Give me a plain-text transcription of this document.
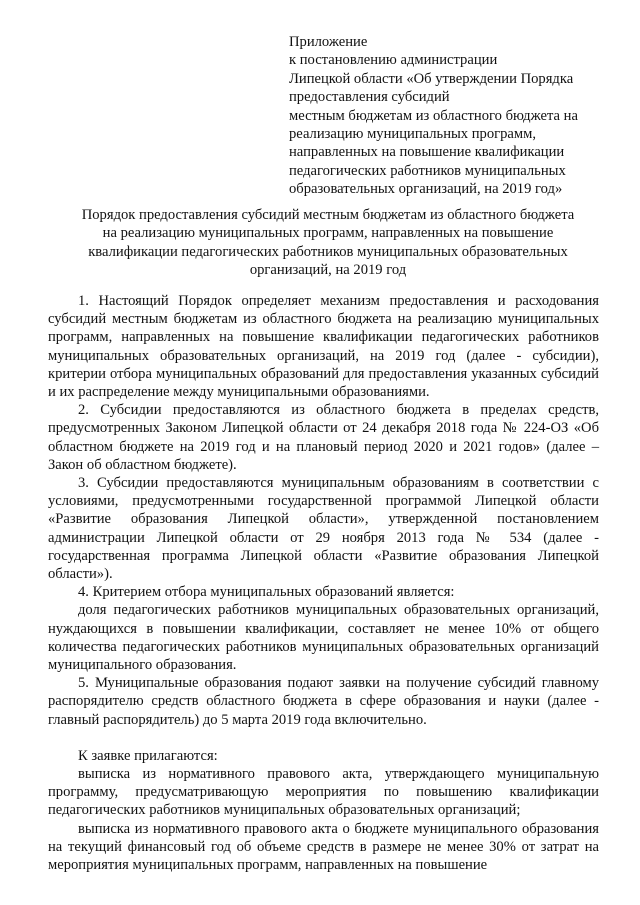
Приложение
к постановлению администрации
Липецкой области «Об утверждении Порядка
предоставления субсидий
местным бюджетам из областного бюджета на
реализацию муниципальных программ,
направленных на повышение квалификации
педагогических работников муниципальных
образовательных организаций, на 2019 год»
Порядок предоставления субсидий местным бюджетам из областного бюджета
на реализацию муниципальных программ, направленных на повышение
квалификации педагогических работников муниципальных образовательных
организаций, на 2019 год

1. Настоящий Порядок определяет механизм предоставления и расходования субсидий местным бюджетам из областного бюджета на реализацию муниципальных программ, направленных на повышение квалификации педагогических работников муниципальных образовательных организаций, на 2019 год (далее - субсидии), критерии отбора муниципальных образований для предоставления указанных субсидий и их распределение между муниципальными образованиями.

2. Субсидии предоставляются из областного бюджета в пределах средств, предусмотренных Законом Липецкой области от 24 декабря 2018 года № 224-ОЗ «Об областном бюджете на 2019 год и на плановый период 2020 и 2021 годов» (далее – Закон об областном бюджете).

3. Субсидии предоставляются муниципальным образованиям в соответствии с условиями, предусмотренными государственной программой Липецкой области «Развитие образования Липецкой области», утвержденной постановлением администрации Липецкой области от 29 ноября 2013 года № 534 (далее - государственная программа Липецкой области «Развитие образования Липецкой области»).

4. Критерием отбора муниципальных образований является:

доля педагогических работников муниципальных образовательных организаций, нуждающихся в повышении квалификации, составляет не менее 10% от общего количества педагогических работников муниципальных образовательных организаций муниципального образования.

5. Муниципальные образования подают заявки на получение субсидий главному распорядителю средств областного бюджета в сфере образования и науки (далее - главный распорядитель) до 5 марта 2019 года включительно.

К заявке прилагаются:

выписка из нормативного правового акта, утверждающего муниципальную программу, предусматривающую мероприятия по повышению квалификации педагогических работников муниципальных образовательных организаций;

выписка из нормативного правового акта о бюджете муниципального образования на текущий финансовый год об объеме средств в размере не менее 30% от затрат на мероприятия муниципальных программ, направленных на повышение
